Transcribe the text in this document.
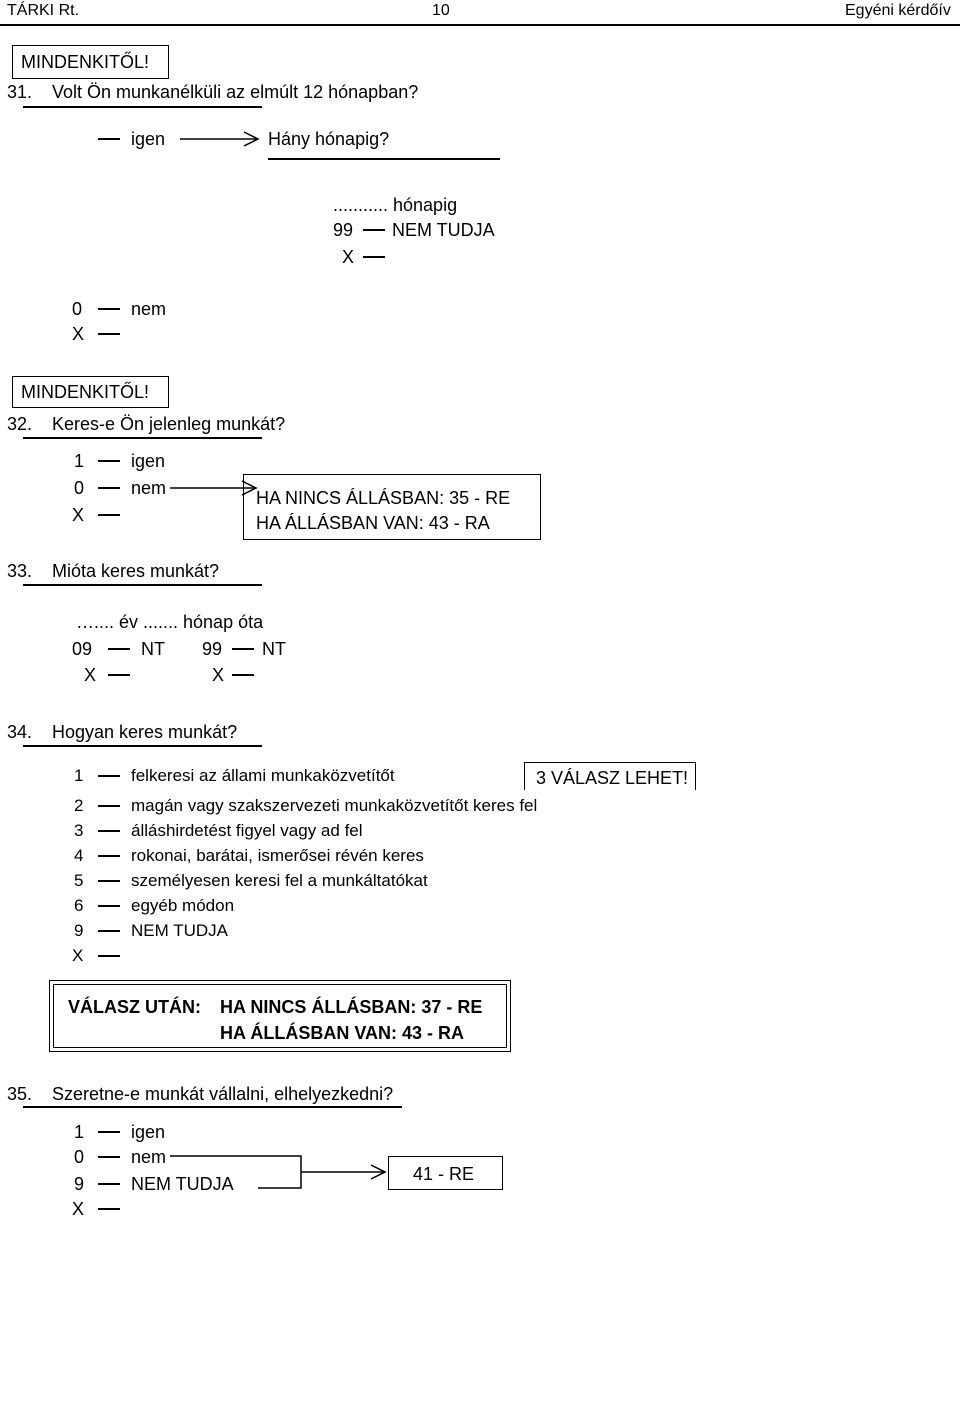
TÁRKI Rt.	10	Egyéni kérdőív
MINDENKITŐL!
31. Volt Ön munkanélküli az elmúlt 12 hónapban?
igen	Hány hónapig?
........... hónapig
99 NEM TUDJA
X
0	nem
X
MINDENKITŐL!
32. Keres-e Ön jelenleg munkát?
1	igen
0	nem
X
HA NINCS ÁLLÁSBAN: 35 - RE
HA ÁLLÁSBAN VAN: 43 - RA
33. Mióta keres munkát?
….... év ....... hónap óta
09	NT 99 NT
X	X
34. Hogyan keres munkát?
3 VÁLASZ LEHET!
1	felkeresi az állami munkaközvetítőt
2	magán vagy szakszervezeti munkaközvetítőt keres fel
3	álláshirdetést figyel vagy ad fel
4	rokonai, barátai, ismerősei révén keres
5	személyesen keresi fel a munkáltatókat
6	egyéb módon
9	NEM TUDJA
X
VÁLASZ UTÁN: HA NINCS ÁLLÁSBAN: 37 - RE
HA ÁLLÁSBAN VAN: 43 - RA
35. Szeretne-e munkát vállalni, elhelyezkedni?
1	igen
0	nem
9	NEM TUDJA
X
41 - RE
